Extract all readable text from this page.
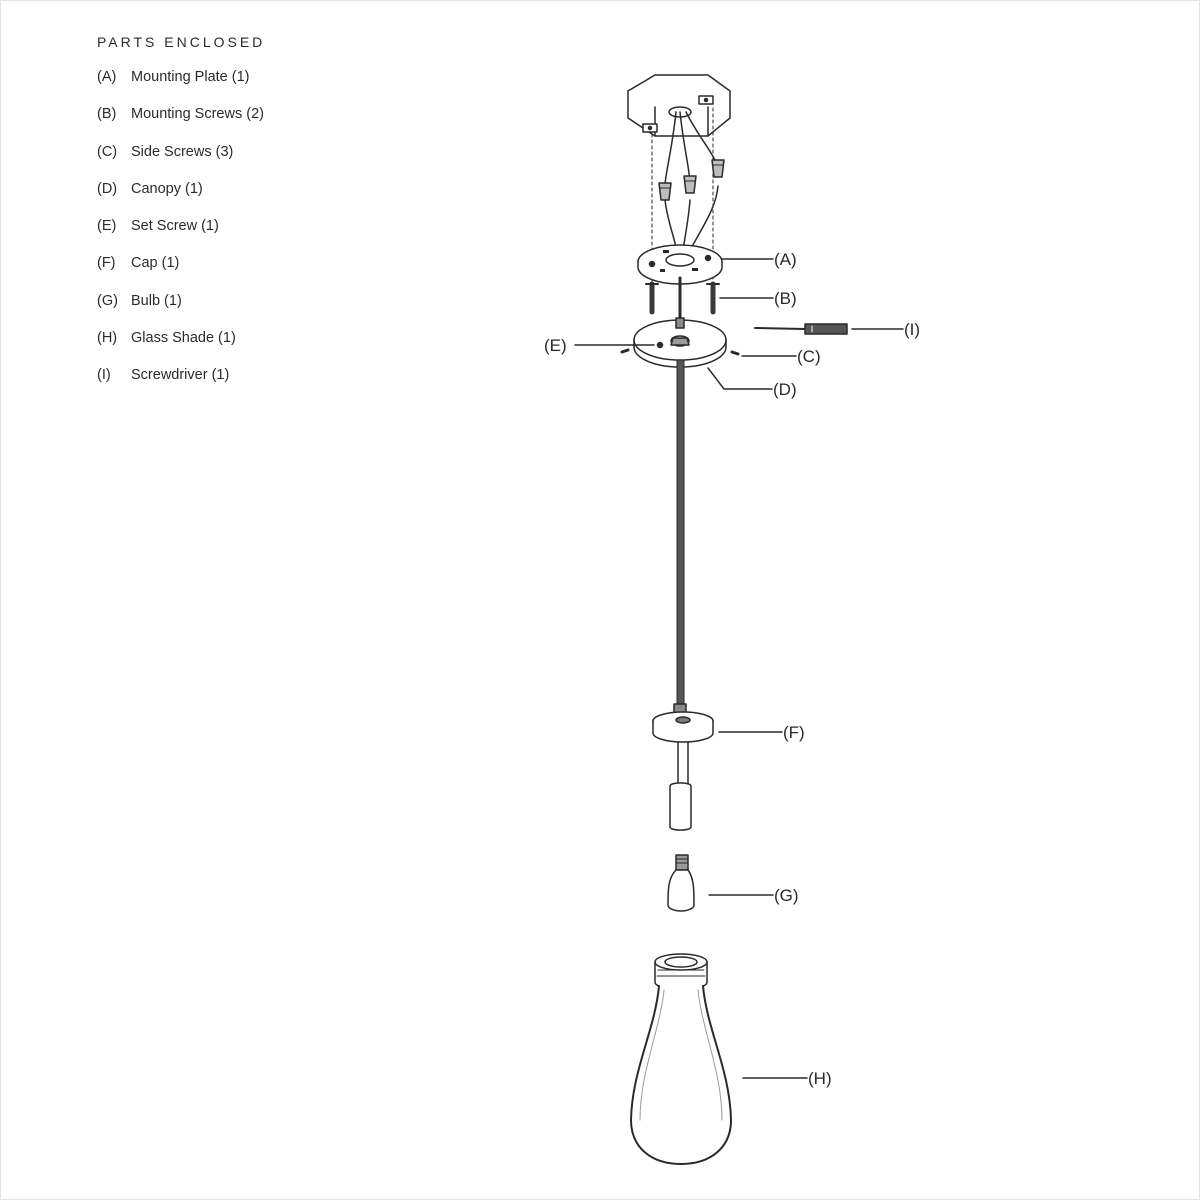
PARTS ENCLOSED
(A)	Mounting Plate (1)
(B)	Mounting Screws (2)
(C) Side Screws (3)
(D) Canopy (1)
(E)	Set Screw (1)
(F)	Cap (1)
(G) Bulb (1)
(H) Glass Shade (1)
(I)	Screwdriver (1)
(A)
(B)
(C)
(D)
(E)
(F)
(G)
(H)
(I)
